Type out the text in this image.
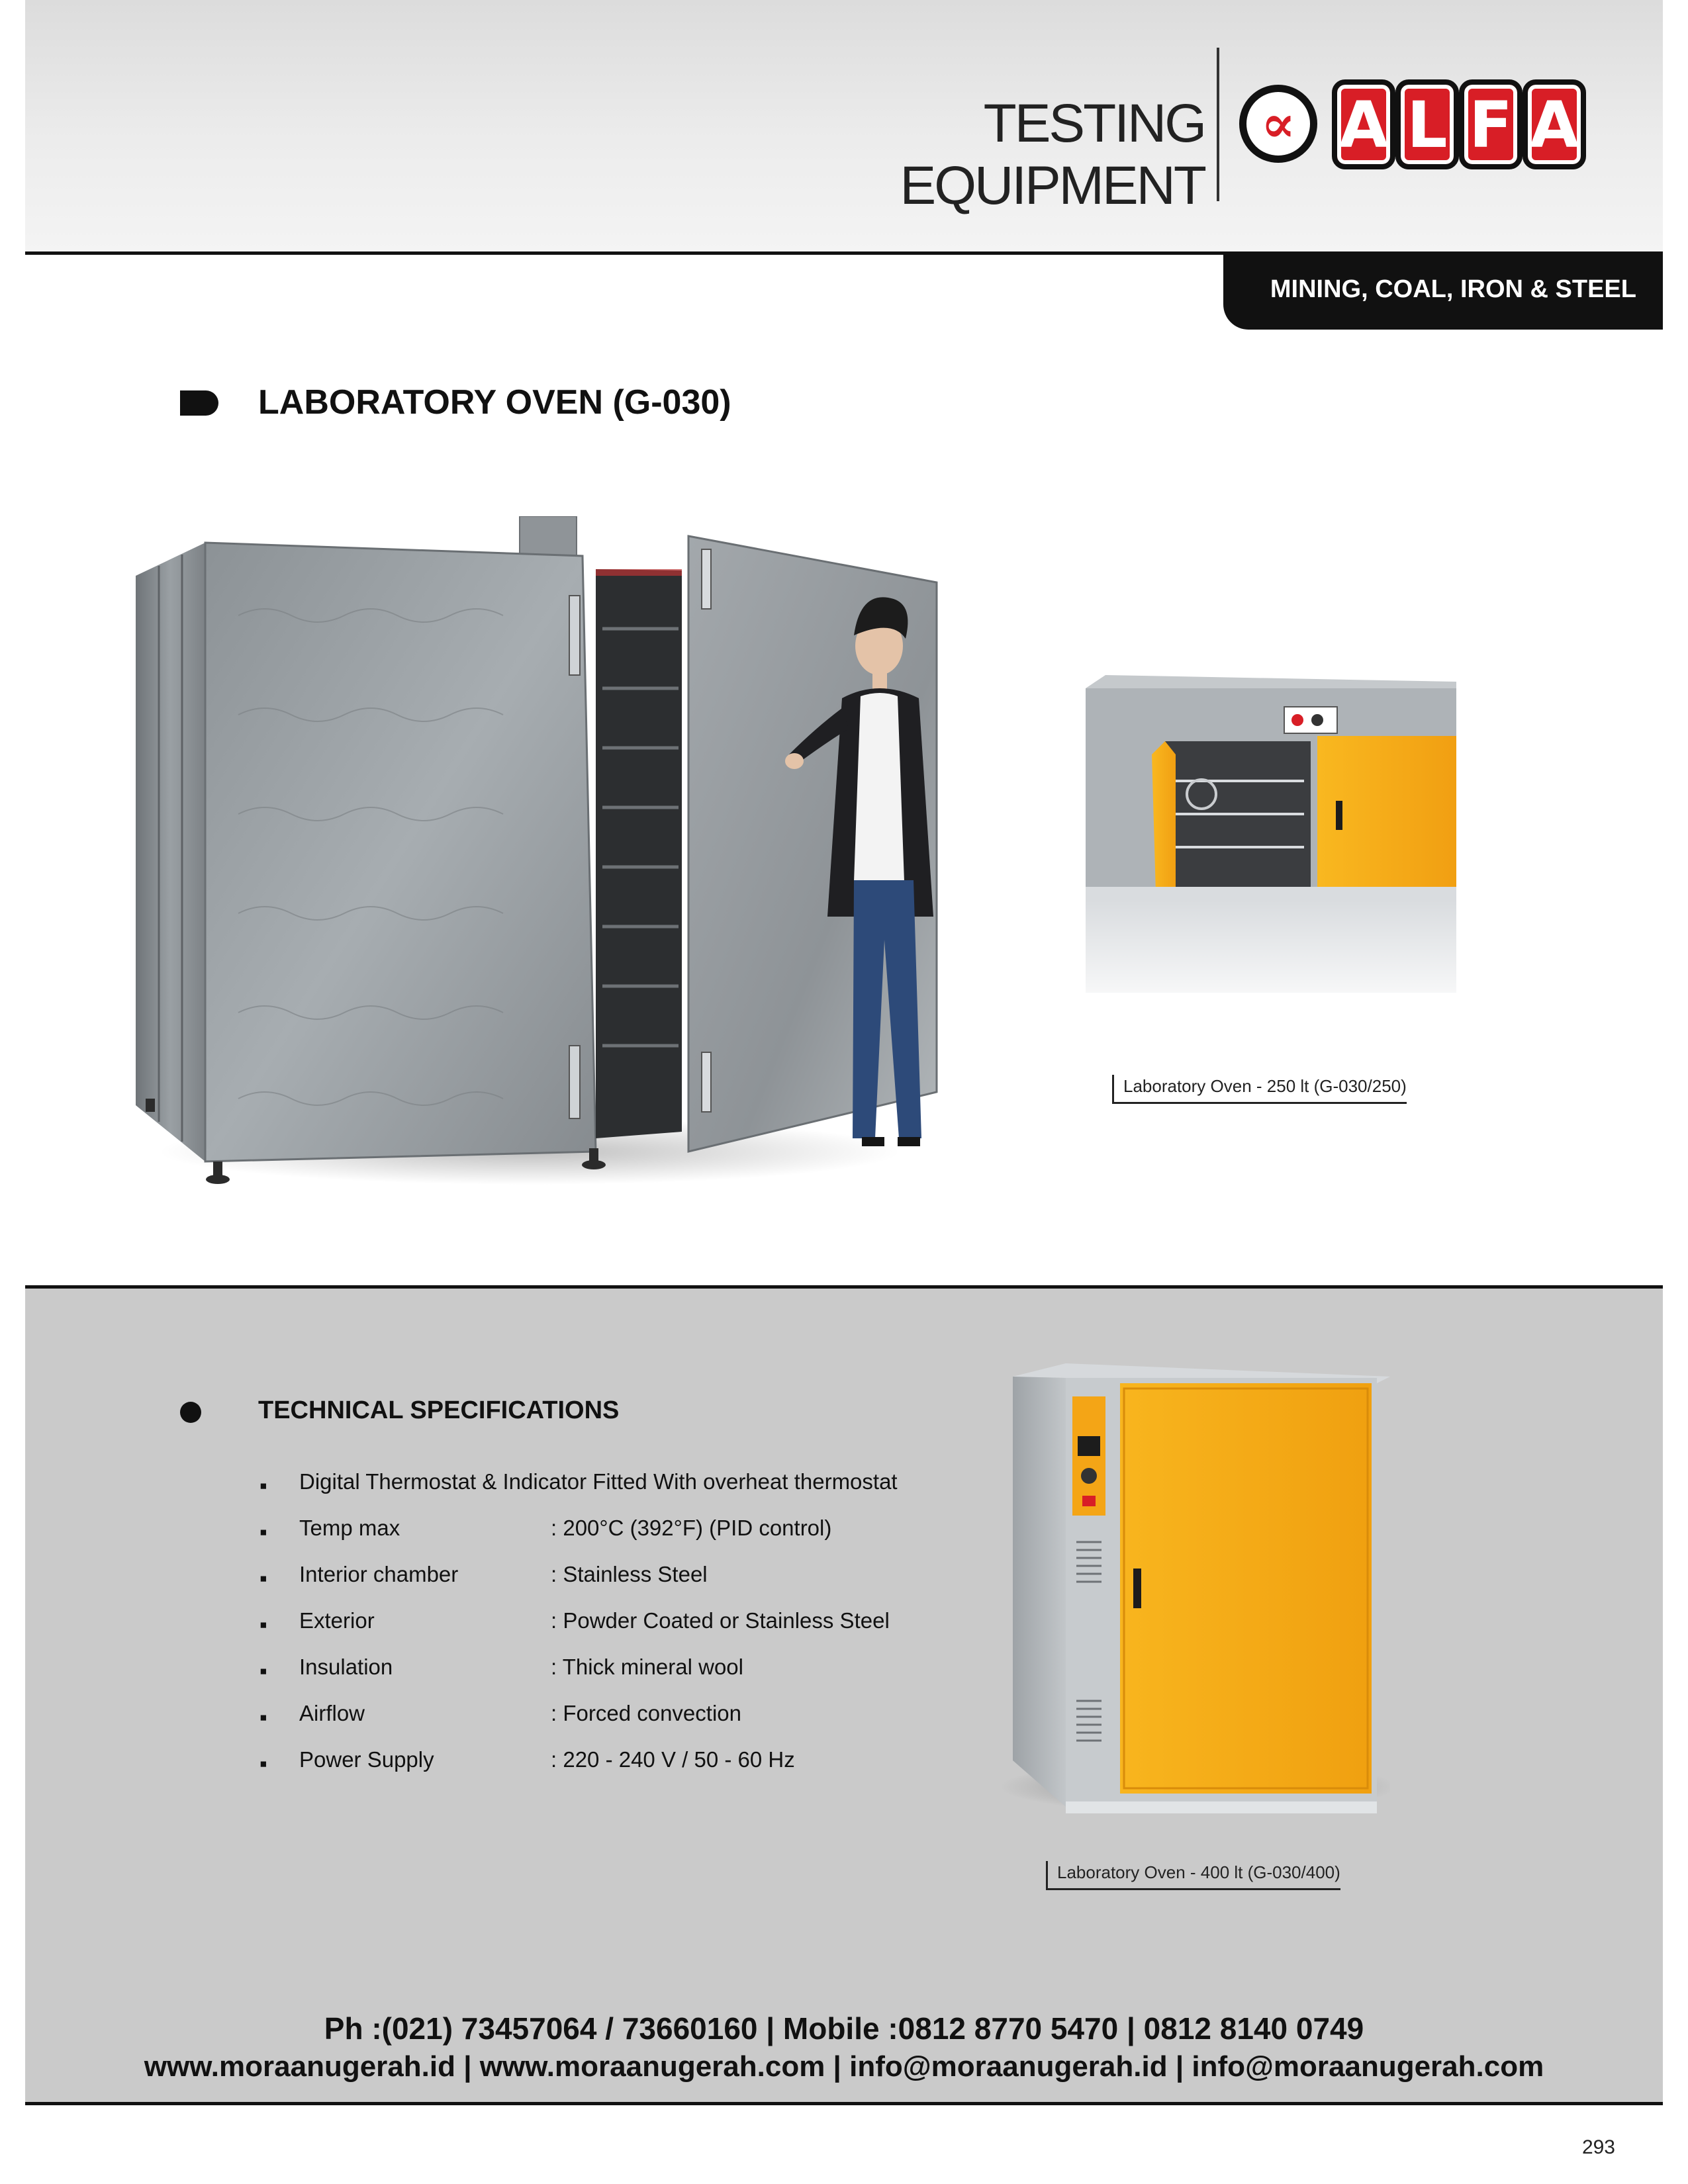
TESTING EQUIPMENT
∝ A L F A
MINING, COAL, IRON & STEEL
LABORATORY OVEN (G-030)
Laboratory Oven - 250 lt (G-030/250)
TECHNICAL SPECIFICATIONS
▪ Digital Thermostat & Indicator Fitted With overheat thermostat
▪ Temp max	: 200°C (392°F) (PID control)
▪ Interior chamber	: Stainless Steel
▪ Exterior	: Powder Coated or Stainless Steel
▪ Insulation	: Thick mineral wool
▪ Airflow	: Forced convection
▪ Power Supply	: 220 - 240 V / 50 - 60 Hz
Laboratory Oven - 400 lt (G-030/400)
Ph :(021) 73457064 / 73660160 | Mobile :0812 8770 5470 | 0812 8140 0749
www.moraanugerah.id | www.moraanugerah.com | info@moraanugerah.id | info@moraanugerah.com
293
